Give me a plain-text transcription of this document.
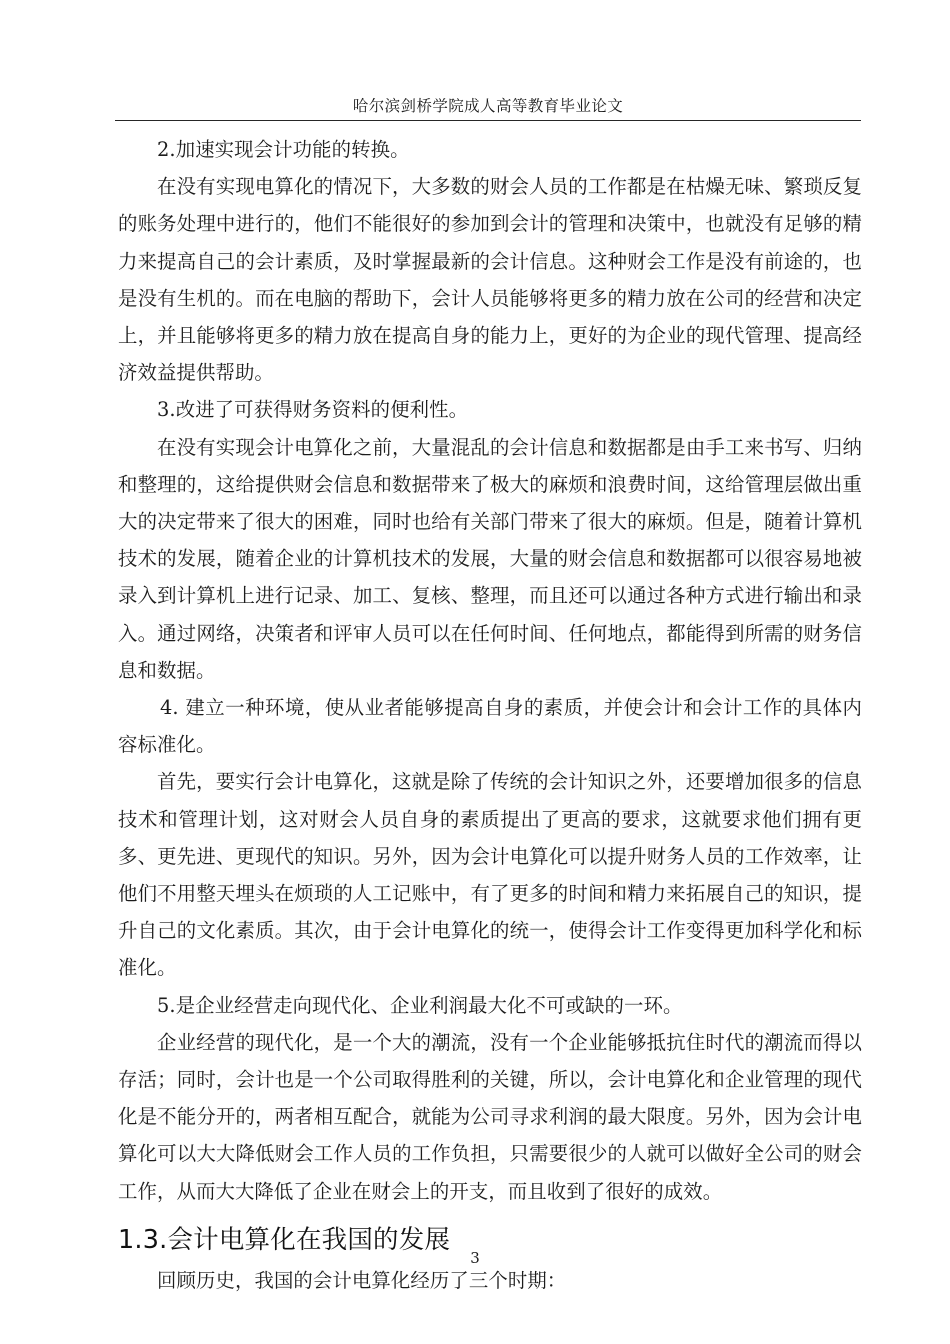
哈尔滨剑桥学院成人高等教育毕业论文

2.加速实现会计功能的转换。

在没有实现电算化的情况下，大多数的财会人员的工作都是在枯燥无味、繁琐反复的账务处理中进行的，他们不能很好的参加到会计的管理和决策中，也就没有足够的精力来提高自己的会计素质，及时掌握最新的会计信息。这种财会工作是没有前途的，也是没有生机的。而在电脑的帮助下，会计人员能够将更多的精力放在公司的经营和决定上，并且能够将更多的精力放在提高自身的能力上，更好的为企业的现代管理、提高经济效益提供帮助。

3.改进了可获得财务资料的便利性。

在没有实现会计电算化之前，大量混乱的会计信息和数据都是由手工来书写、归纳和整理的，这给提供财会信息和数据带来了极大的麻烦和浪费时间，这给管理层做出重大的决定带来了很大的困难，同时也给有关部门带来了很大的麻烦。但是，随着计算机技术的发展，随着企业的计算机技术的发展，大量的财会信息和数据都可以很容易地被录入到计算机上进行记录、加工、复核、整理，而且还可以通过各种方式进行输出和录入。通过网络，决策者和评审人员可以在任何时间、任何地点，都能得到所需的财务信息和数据。

4. 建立一种环境，使从业者能够提高自身的素质，并使会计和会计工作的具体内容标准化。

首先，要实行会计电算化，这就是除了传统的会计知识之外，还要增加很多的信息技术和管理计划，这对财会人员自身的素质提出了更高的要求，这就要求他们拥有更多、更先进、更现代的知识。另外，因为会计电算化可以提升财务人员的工作效率，让他们不用整天埋头在烦琐的人工记账中，有了更多的时间和精力来拓展自己的知识，提升自己的文化素质。其次，由于会计电算化的统一，使得会计工作变得更加科学化和标准化。

5.是企业经营走向现代化、企业利润最大化不可或缺的一环。

企业经营的现代化，是一个大的潮流，没有一个企业能够抵抗住时代的潮流而得以存活；同时，会计也是一个公司取得胜利的关键，所以，会计电算化和企业管理的现代化是不能分开的，两者相互配合，就能为公司寻求利润的最大限度。另外，因为会计电算化可以大大降低财会工作人员的工作负担，只需要很少的人就可以做好全公司的财会工作，从而大大降低了企业在财会上的开支，而且收到了很好的成效。

1.3.会计电算化在我国的发展

回顾历史，我国的会计电算化经历了三个时期：

3
